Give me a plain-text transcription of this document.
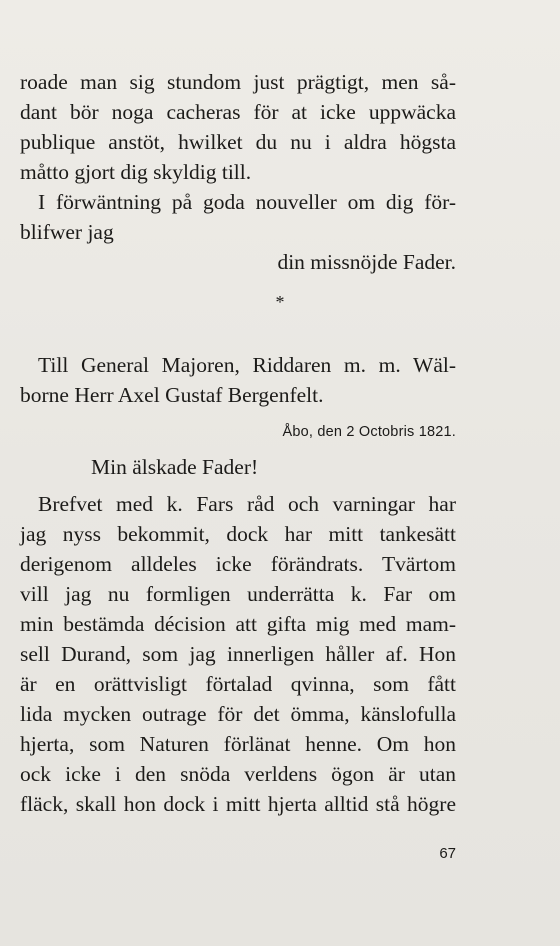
roade man sig stundom just prägtigt, men så-

dant bör noga cacheras för at icke uppwäcka

publique anstöt, hwilket du nu i aldra högsta

måtto gjort dig skyldig till.

I förwäntning på goda nouveller om dig för-

blifwer jag

din missnöjde Fader.
*

Till General Majoren, Riddaren m. m. Wäl-

borne Herr Axel Gustaf Bergenfelt.

Åbo, den 2 Octobris 1821.
Min älskade Fader!

Brefvet med k. Fars råd och varningar har

jag nyss bekommit, dock har mitt tankesätt

derigenom alldeles icke förändrats. Tvärtom

vill jag nu formligen underrätta k. Far om

min bestämda décision att gifta mig med mam-

sell Durand, som jag innerligen håller af. Hon

är en orättvisligt förtalad qvinna, som fått

lida mycken outrage för det ömma, känslofulla

hjerta, som Naturen förlänat henne. Om hon

ock icke i den snöda verldens ögon är utan

fläck, skall hon dock i mitt hjerta alltid stå högre

67
